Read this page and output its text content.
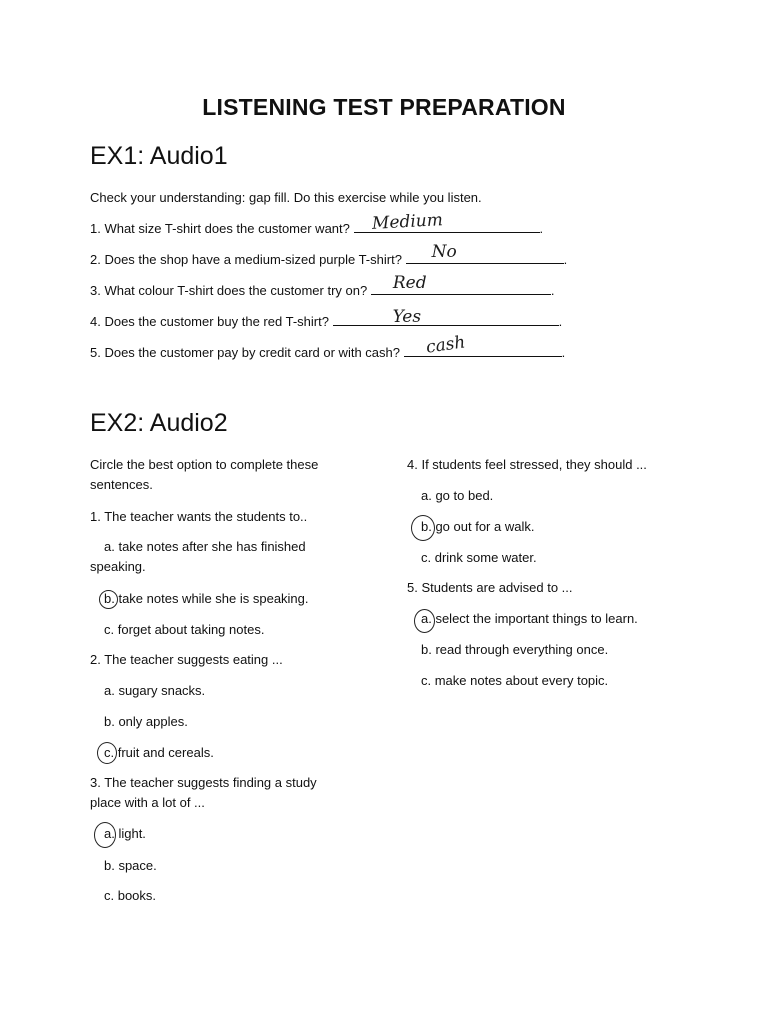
LISTENING TEST PREPARATION
EX1: Audio1

Check your understanding: gap fill. Do this exercise while you listen.

1. What size T-shirt does the customer want? Medium	.
2. Does the shop have a medium-sized purple T-shirt? No	.
3. What colour T-shirt does the customer try on? Red	.
4. Does the customer buy the red T-shirt?	Yes	.
5. Does the customer pay by credit card or with cash? cash	.
EX2: Audio2

Circle the best option to complete these sentences.

1. The teacher wants the students to..

a. take notes after she has finished speaking.

b. take notes while she is speaking.

c. forget about taking notes.

2. The teacher suggests eating ...

a. sugary snacks.

b. only apples.

c. fruit and cereals.

3. The teacher suggests finding a study place with a lot of ...

a. light.

b. space.

c. books.

4. If students feel stressed, they should ...

a. go to bed.

b. go out for a walk.

c. drink some water.

5. Students are advised to ...

a. select the important things to learn.

b. read through everything once.

c. make notes about every topic.
